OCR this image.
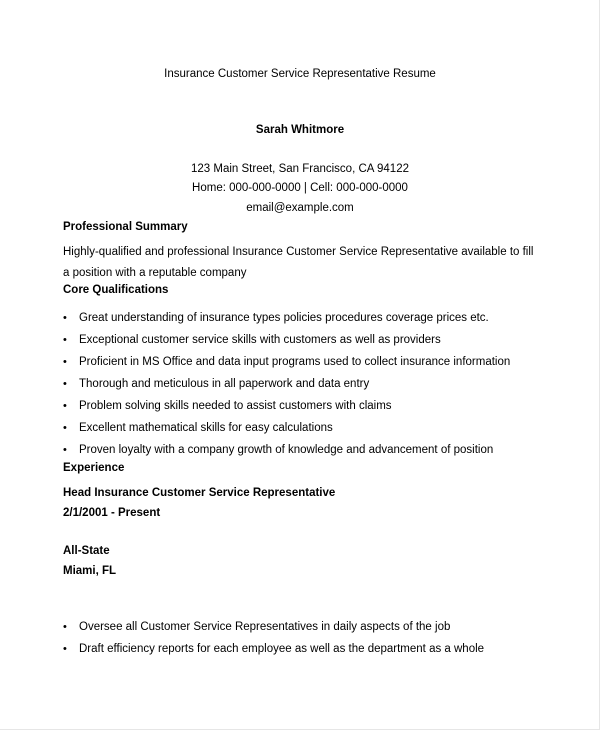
Insurance Customer Service Representative Resume
Sarah Whitmore
123 Main Street, San Francisco, CA 94122
Home: 000-000-0000 | Cell: 000-000-0000
email@example.com
Professional Summary
Highly-qualified and professional Insurance Customer Service Representative available to fill a position with a reputable company
Core Qualifications
• Great understanding of insurance types policies procedures coverage prices etc.
• Exceptional customer service skills with customers as well as providers
• Proficient in MS Office and data input programs used to collect insurance information
• Thorough and meticulous in all paperwork and data entry
• Problem solving skills needed to assist customers with claims
• Excellent mathematical skills for easy calculations
• Proven loyalty with a company growth of knowledge and advancement of position
Experience
Head Insurance Customer Service Representative
2/1/2001 - Present
All-State
Miami, FL
• Oversee all Customer Service Representatives in daily aspects of the job
• Draft efficiency reports for each employee as well as the department as a whole
